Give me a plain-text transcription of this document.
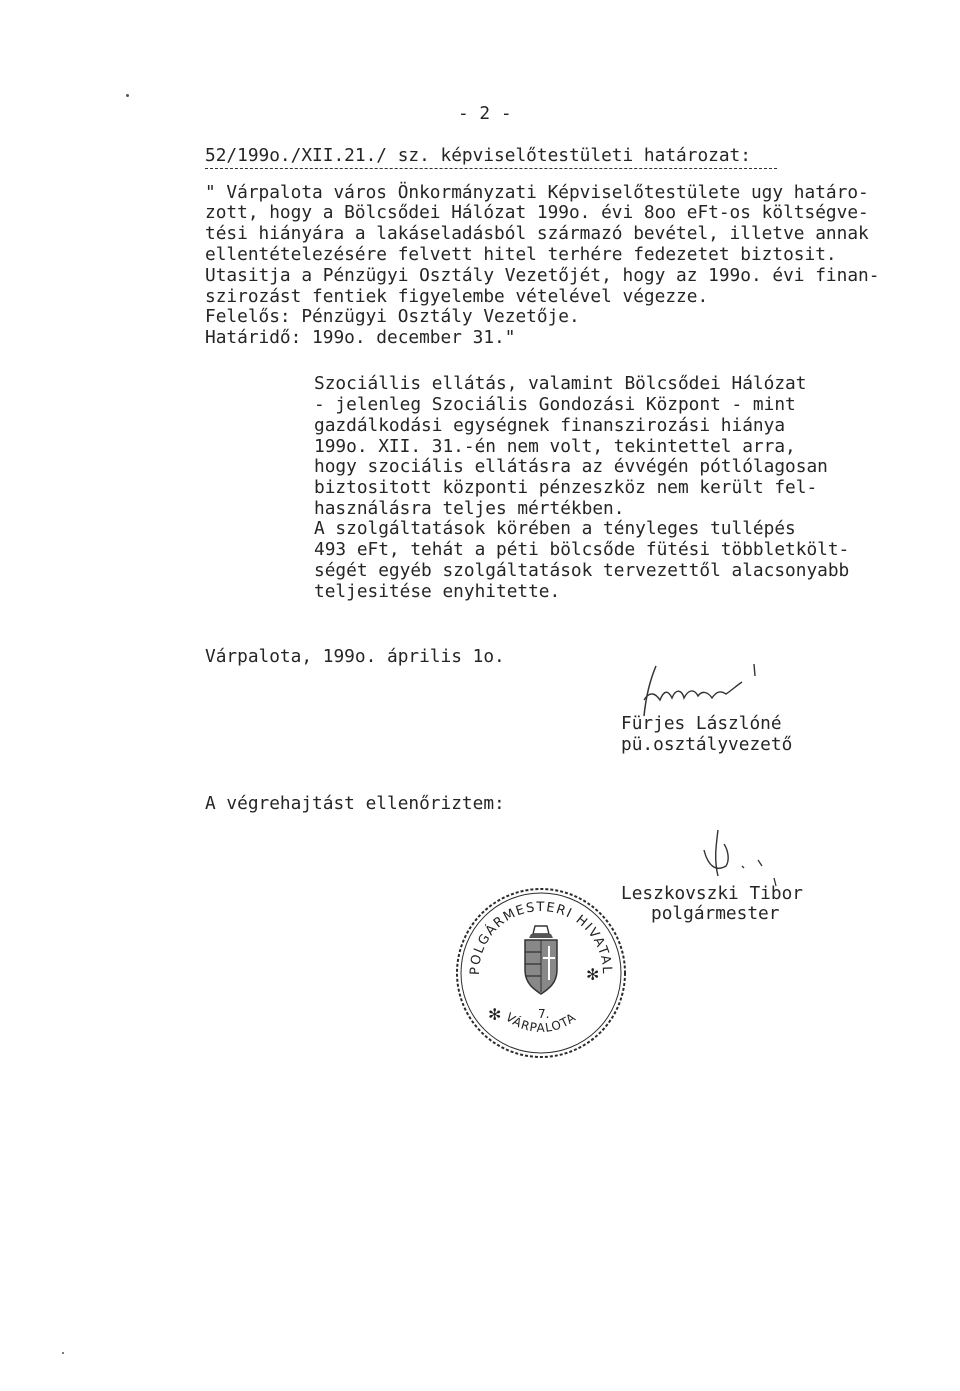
- 2 -
52/199o./XII.21./ sz. képviselőtestületi határozat:
" Várpalota város Önkormányzati Képviselőtestülete ugy határo-
zott, hogy a Bölcsődei Hálózat 199o. évi 8oo eFt-os költségve-
tési hiányára a lakáseladásból származó bevétel, illetve annak
ellentételezésére felvett hitel terhére fedezetet biztosit.
Utasitja a Pénzügyi Osztály Vezetőjét, hogy az 199o. évi finan-
szirozást fentiek figyelembe vételével végezze.
Felelős: Pénzügyi Osztály Vezetője.
Határidő: 199o. december 31."
Szociállis ellátás, valamint Bölcsődei Hálózat
- jelenleg Szociális Gondozási Központ - mint
gazdálkodási egységnek finanszirozási hiánya
199o. XII. 31.-én nem volt, tekintettel arra,
hogy szociális ellátásra az évvégén pótlólagosan
biztositott központi pénzeszköz nem került fel-
használásra teljes mértékben.
A szolgáltatások körében a tényleges tullépés
493 eFt, tehát a péti bölcsőde fütési többletkölt-
ségét egyéb szolgáltatások tervezettől alacsonyabb
teljesitése enyhitette.
Várpalota, 199o. április 1o.
Fürjes Lászlóné
pü.osztályvezető
A végrehajtást ellenőriztem:
Leszkovszki Tibor
polgármester
POLGÁRMESTERI HIVATAL
VÁRPALOTA
✻
✻
7.
